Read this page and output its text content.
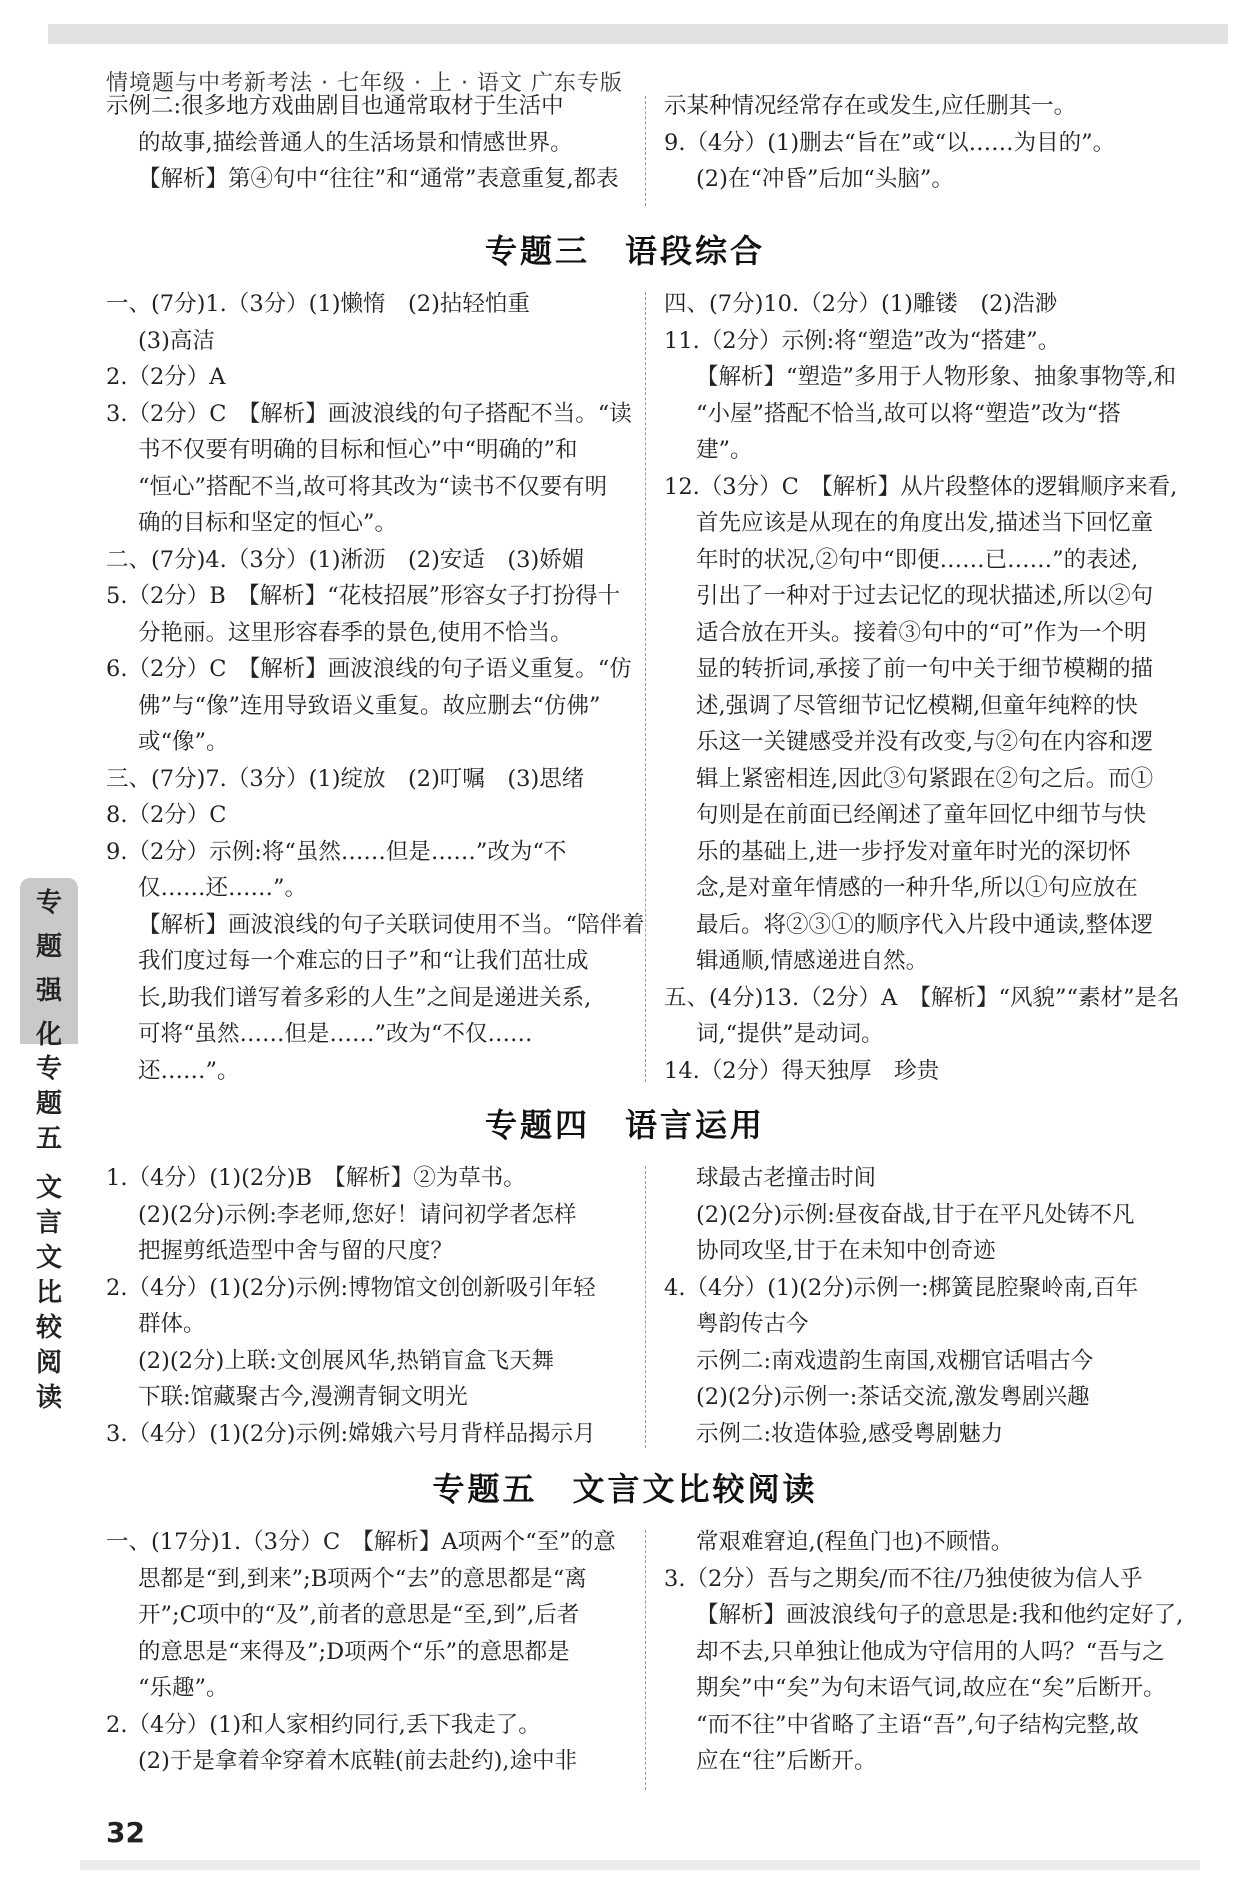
情境题与中考新考法 · 七年级 · 上 · 语文 广东专版
专
题
强
化
专
题
五
文
言
文
比
较
阅
读

示例二:很多地方戏曲剧目也通常取材于生活中

的故事,描绘普通人的生活场景和情感世界。

【解析】第④句中“往往”和“通常”表意重复,都表

示某种情况经常存在或发生,应任删其一。

9.（4分）(1)删去“旨在”或“以……为目的”。

(2)在“冲昏”后加“头脑”。

专题三　语段综合

一、(7分)1.（3分）(1)懒惰　(2)拈轻怕重

(3)高洁

2.（2分）A

3.（2分）C　【解析】画波浪线的句子搭配不当。“读

书不仅要有明确的目标和恒心”中“明确的”和

“恒心”搭配不当,故可将其改为“读书不仅要有明

确的目标和坚定的恒心”。

二、(7分)4.（3分）(1)淅沥　(2)安适　(3)娇媚

5.（2分）B　【解析】“花枝招展”形容女子打扮得十

分艳丽。这里形容春季的景色,使用不恰当。

6.（2分）C　【解析】画波浪线的句子语义重复。“仿

佛”与“像”连用导致语义重复。故应删去“仿佛”

或“像”。

三、(7分)7.（3分）(1)绽放　(2)叮嘱　(3)思绪

8.（2分）C

9.（2分）示例:将“虽然……但是……”改为“不

仅……还……”。

【解析】画波浪线的句子关联词使用不当。“陪伴着

我们度过每一个难忘的日子”和“让我们茁壮成

长,助我们谱写着多彩的人生”之间是递进关系,

可将“虽然……但是……”改为“不仅……

还……”。

四、(7分)10.（2分）(1)雕镂　(2)浩渺

11.（2分）示例:将“塑造”改为“搭建”。

【解析】“塑造”多用于人物形象、抽象事物等,和

“小屋”搭配不恰当,故可以将“塑造”改为“搭

建”。

12.（3分）C　【解析】从片段整体的逻辑顺序来看,

首先应该是从现在的角度出发,描述当下回忆童

年时的状况,②句中“即便……已……”的表述,

引出了一种对于过去记忆的现状描述,所以②句

适合放在开头。接着③句中的“可”作为一个明

显的转折词,承接了前一句中关于细节模糊的描

述,强调了尽管细节记忆模糊,但童年纯粹的快

乐这一关键感受并没有改变,与②句在内容和逻

辑上紧密相连,因此③句紧跟在②句之后。而①

句则是在前面已经阐述了童年回忆中细节与快

乐的基础上,进一步抒发对童年时光的深切怀

念,是对童年情感的一种升华,所以①句应放在

最后。将②③①的顺序代入片段中通读,整体逻

辑通顺,情感递进自然。

五、(4分)13.（2分）A　【解析】“风貌”“素材”是名

词,“提供”是动词。

14.（2分）得天独厚　珍贵

专题四　语言运用

1.（4分）(1)(2分)B　【解析】②为草书。

(2)(2分)示例:李老师,您好！请问初学者怎样

把握剪纸造型中舍与留的尺度？

2.（4分）(1)(2分)示例:博物馆文创创新吸引年轻

群体。

(2)(2分)上联:文创展风华,热销盲盒飞天舞

下联:馆藏聚古今,漫溯青铜文明光

3.（4分）(1)(2分)示例:嫦娥六号月背样品揭示月

球最古老撞击时间

(2)(2分)示例:昼夜奋战,甘于在平凡处铸不凡

协同攻坚,甘于在未知中创奇迹

4.（4分）(1)(2分)示例一:梆簧昆腔聚岭南,百年

粤韵传古今

示例二:南戏遗韵生南国,戏棚官话唱古今

(2)(2分)示例一:茶话交流,激发粤剧兴趣

示例二:妆造体验,感受粤剧魅力

专题五　文言文比较阅读

一、(17分)1.（3分）C　【解析】A项两个“至”的意

思都是“到,到来”;B项两个“去”的意思都是“离

开”;C项中的“及”,前者的意思是“至,到”,后者

的意思是“来得及”;D项两个“乐”的意思都是

“乐趣”。

2.（4分）(1)和人家相约同行,丢下我走了。

(2)于是拿着伞穿着木底鞋(前去赴约),途中非

常艰难窘迫,(程鱼门也)不顾惜。

3.（2分）吾与之期矣/而不往/乃独使彼为信人乎

【解析】画波浪线句子的意思是:我和他约定好了,

却不去,只单独让他成为守信用的人吗？“吾与之

期矣”中“矣”为句末语气词,故应在“矣”后断开。

“而不往”中省略了主语“吾”,句子结构完整,故

应在“往”后断开。

32
